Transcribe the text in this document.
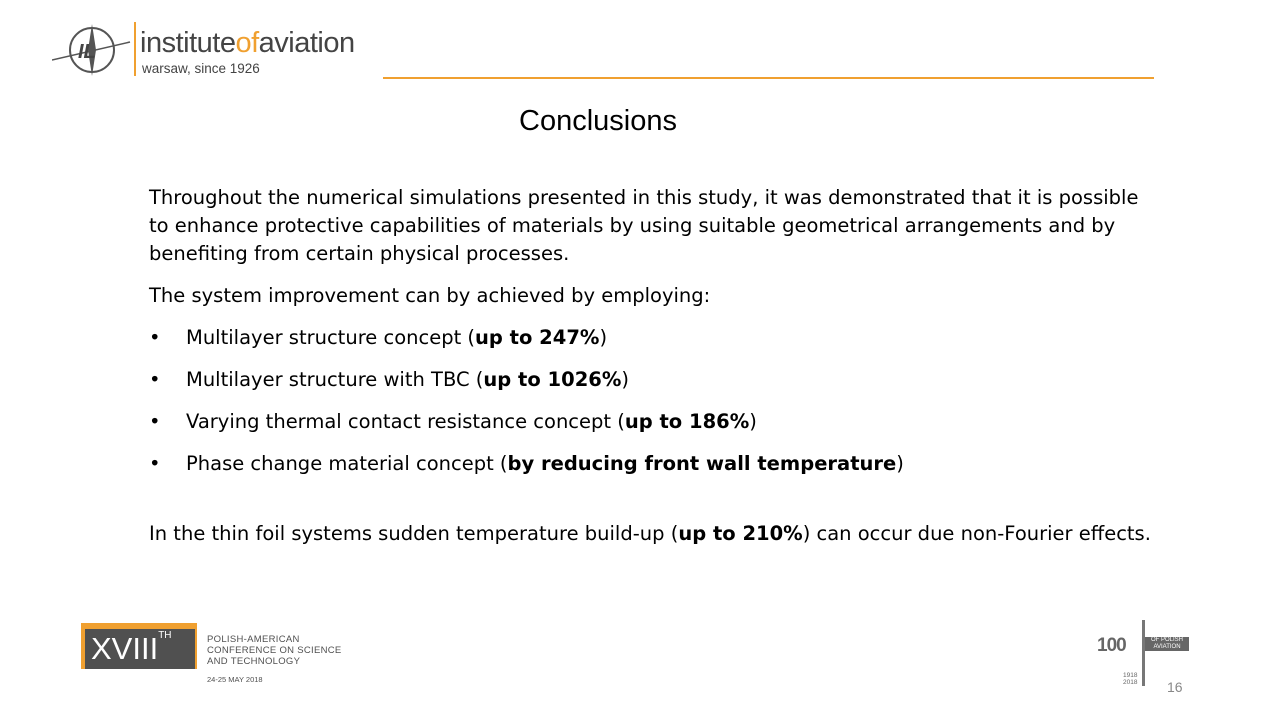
IL instituteofaviation
warsaw, since 1926
Conclusions

Throughout the numerical simulations presented in this study, it was demonstrated that it is possible to enhance protective capabilities of materials by using suitable geometrical arrangements and by benefiting from certain physical processes.

The system improvement can by achieved by employing:

• Multilayer structure concept (up to 247%)
• Multilayer structure with TBC (up to 1026%)
• Varying thermal contact resistance concept (up to 186%)
• Phase change material concept (by reducing front wall temperature)

In the thin foil systems sudden temperature build-up (up to 210%) can occur due non-Fourier effects.

XVIIITH	POLISH-AMERICAN
CONFERENCE ON SCIENCE
AND TECHNOLOGY
24-25 MAY 2018
100	OF POLISH
AVIATION
1918
2018 16
